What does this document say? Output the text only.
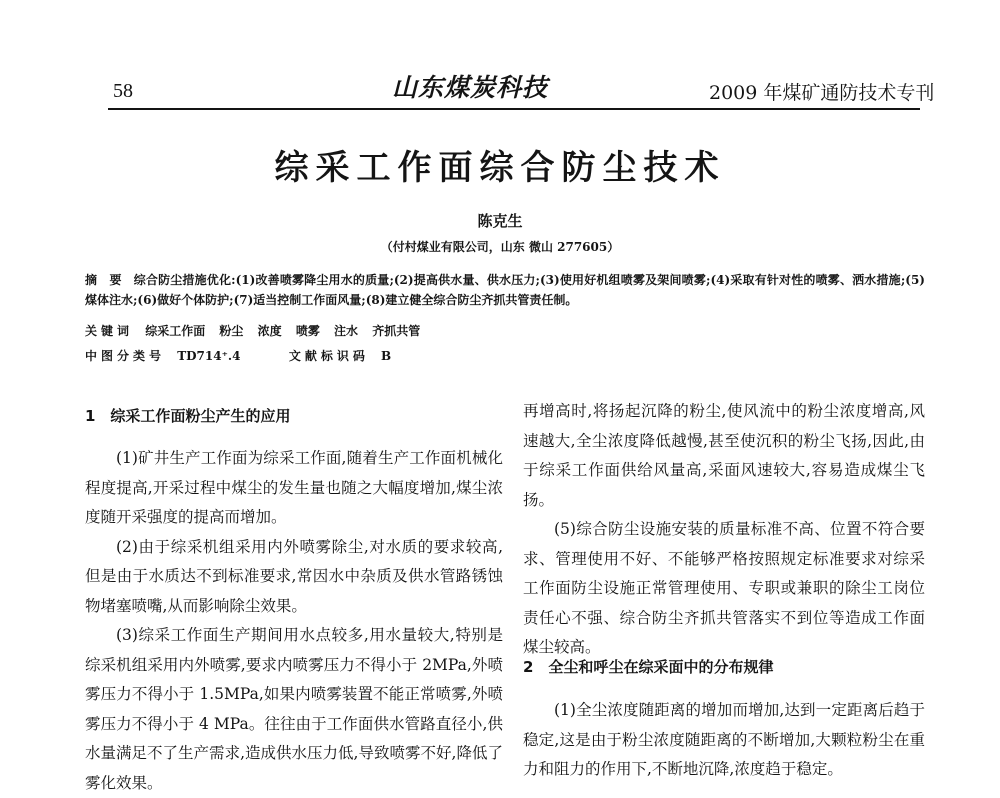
58	山东煤炭科技	2009 年煤矿通防技术专刊
综采工作面综合防尘技术
陈克生
（付村煤业有限公司，山东 微山 277605）
摘 要 综合防尘措施优化:(1)改善喷雾降尘用水的质量;(2)提高供水量、供水压力;(3)使用好机组喷雾及架间喷雾;(4)采取有针对性的喷雾、洒水措施;(5)煤体注水;(6)做好个体防护;(7)适当控制工作面风量;(8)建立健全综合防尘齐抓共管责任制。
关键词 综采工作面 粉尘 浓度 喷雾 注水 齐抓共管
中图分类号 TD714⁺.4	文献标识码 B
1　综采工作面粉尘产生的应用

(1)矿井生产工作面为综采工作面,随着生产工作面机械化程度提高,开采过程中煤尘的发生量也随之大幅度增加,煤尘浓度随开采强度的提高而增加。

(2)由于综采机组采用内外喷雾除尘,对水质的要求较高,但是由于水质达不到标准要求,常因水中杂质及供水管路锈蚀物堵塞喷嘴,从而影响除尘效果。

(3)综采工作面生产期间用水点较多,用水量较大,特别是综采机组采用内外喷雾,要求内喷雾压力不得小于 2MPa,外喷雾压力不得小于 1.5MPa,如果内喷雾装置不能正常喷雾,外喷雾压力不得小于 4 MPa。往往由于工作面供水管路直径小,供水量满足不了生产需求,造成供水压力低,导致喷雾不好,降低了雾化效果。

再增高时,将扬起沉降的粉尘,使风流中的粉尘浓度增高,风速越大,全尘浓度降低越慢,甚至使沉积的粉尘飞扬,因此,由于综采工作面供给风量高,采面风速较大,容易造成煤尘飞扬。

(5)综合防尘设施安装的质量标准不高、位置不符合要求、管理使用不好、不能够严格按照规定标准要求对综采工作面防尘设施正常管理使用、专职或兼职的除尘工岗位责任心不强、综合防尘齐抓共管落实不到位等造成工作面煤尘较高。

2　全尘和呼尘在综采面中的分布规律

(1)全尘浓度随距离的增加而增加,达到一定距离后趋于稳定,这是由于粉尘浓度随距离的不断增加,大颗粒粉尘在重力和阻力的作用下,不断地沉降,浓度趋于稳定。
